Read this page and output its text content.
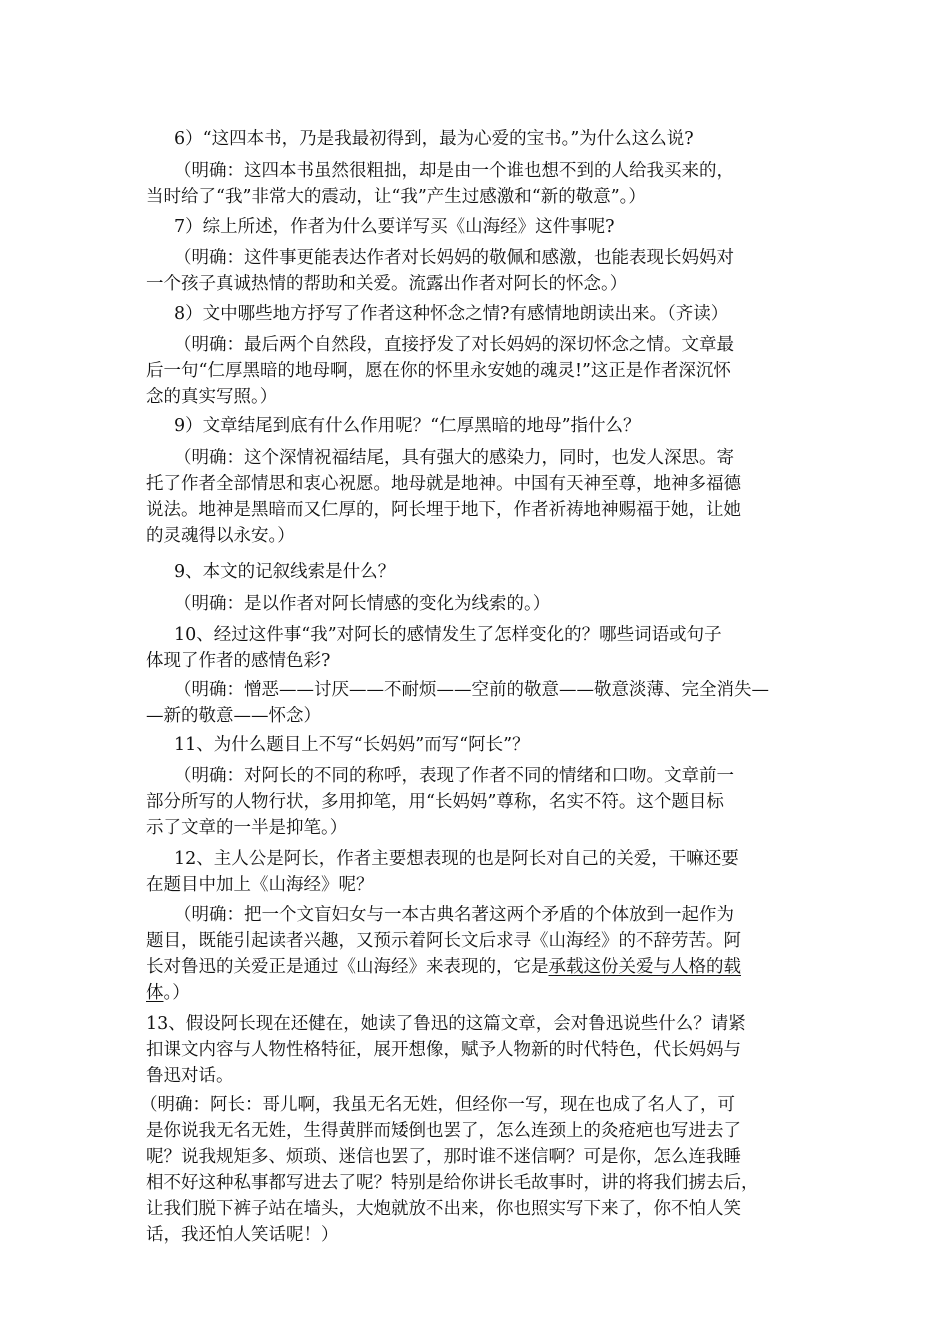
6）“这四本书，乃是我最初得到，最为心爱的宝书。”为什么这么说?

（明确：这四本书虽然很粗拙，却是由一个谁也想不到的人给我买来的，
当时给了“我”非常大的震动，让“我”产生过感激和“新的敬意”。）

7）综上所述，作者为什么要详写买《山海经》这件事呢?

（明确：这件事更能表达作者对长妈妈的敬佩和感激，也能表现长妈妈对
一个孩子真诚热情的帮助和关爱。流露出作者对阿长的怀念。）

8）文中哪些地方抒写了作者这种怀念之情?有感情地朗读出来。（齐读）

（明确：最后两个自然段，直接抒发了对长妈妈的深切怀念之情。文章最
后一句“仁厚黑暗的地母啊，愿在你的怀里永安她的魂灵!”这正是作者深沉怀
念的真实写照。）

9）文章结尾到底有什么作用呢？“仁厚黑暗的地母”指什么？

（明确：这个深情祝福结尾，具有强大的感染力，同时，也发人深思。寄
托了作者全部情思和衷心祝愿。地母就是地神。中国有天神至尊，地神多福德
说法。地神是黑暗而又仁厚的，阿长埋于地下，作者祈祷地神赐福于她，让她
的灵魂得以永安。）

9、本文的记叙线索是什么？

（明确：是以作者对阿长情感的变化为线索的。）

10、经过这件事“我”对阿长的感情发生了怎样变化的？哪些词语或句子
体现了作者的感情色彩?

（明确：憎恶——讨厌——不耐烦——空前的敬意——敬意淡薄、完全消失—
—新的敬意——怀念）

11、为什么题目上不写“长妈妈”而写“阿长”？

（明确：对阿长的不同的称呼，表现了作者不同的情绪和口吻。文章前一
部分所写的人物行状，多用抑笔，用“长妈妈”尊称，名实不符。这个题目标
示了文章的一半是抑笔。）

12、主人公是阿长，作者主要想表现的也是阿长对自己的关爱，干嘛还要
在题目中加上《山海经》呢？

（明确：把一个文盲妇女与一本古典名著这两个矛盾的个体放到一起作为
题目，既能引起读者兴趣，又预示着阿长文后求寻《山海经》的不辞劳苦。阿
长对鲁迅的关爱正是通过《山海经》来表现的，它是承载这份关爱与人格的载
体。）

13、假设阿长现在还健在，她读了鲁迅的这篇文章，会对鲁迅说些什么？请紧
扣课文内容与人物性格特征，展开想像，赋予人物新的时代特色，代长妈妈与
鲁迅对话。

（明确：阿长：哥儿啊，我虽无名无姓，但经你一写，现在也成了名人了，可
是你说我无名无姓，生得黄胖而矮倒也罢了，怎么连颈上的灸疮疤也写进去了
呢？说我规矩多、烦琐、迷信也罢了，那时谁不迷信啊？可是你，怎么连我睡
相不好这种私事都写进去了呢？特别是给你讲长毛故事时，讲的将我们掳去后，
让我们脱下裤子站在墙头，大炮就放不出来，你也照实写下来了，你不怕人笑
话，我还怕人笑话呢！）
